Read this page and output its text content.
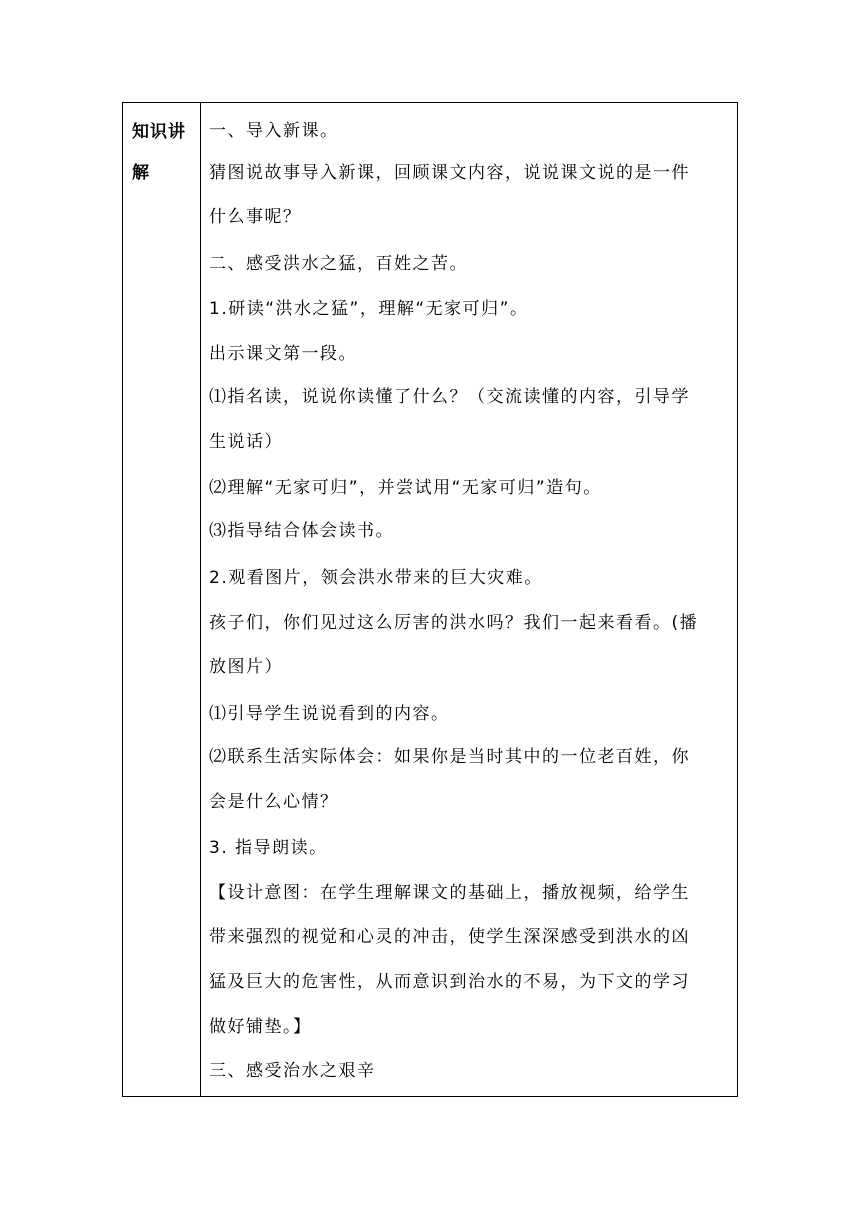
知识讲
解
一、导入新课。
猜图说故事导入新课，回顾课文内容，说说课文说的是一件
什么事呢？
二、感受洪水之猛，百姓之苦。
1.研读“洪水之猛”，理解“无家可归”。
出示课文第一段。
⑴指名读，说说你读懂了什么？（交流读懂的内容，引导学
生说话）
⑵理解“无家可归”，并尝试用“无家可归”造句。
⑶指导结合体会读书。
2.观看图片，领会洪水带来的巨大灾难。
孩子们，你们见过这么厉害的洪水吗？我们一起来看看。(播
放图片）
⑴引导学生说说看到的内容。
⑵联系生活实际体会：如果你是当时其中的一位老百姓，你
会是什么心情？
3. 指导朗读。
【设计意图：在学生理解课文的基础上，播放视频，给学生
带来强烈的视觉和心灵的冲击，使学生深深感受到洪水的凶
猛及巨大的危害性，从而意识到治水的不易，为下文的学习
做好铺垫。】
三、感受治水之艰辛
